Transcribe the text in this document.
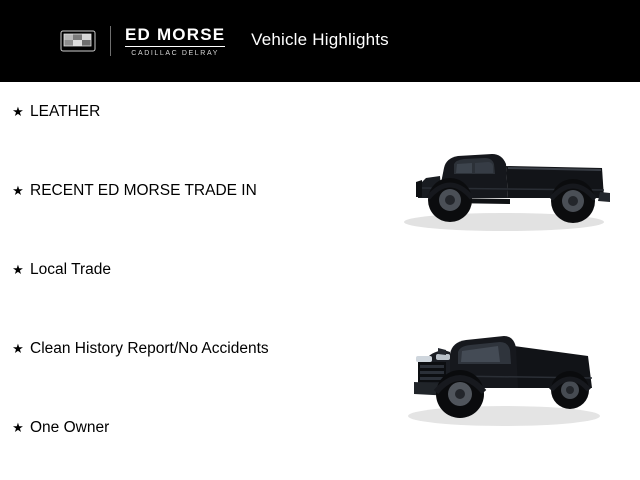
ED MORSE
CADILLAC DELRAY
Vehicle Highlights
★ LEATHER
★ RECENT ED MORSE TRADE IN
★ Local Trade
★ Clean History Report/No Accidents
★ One Owner
